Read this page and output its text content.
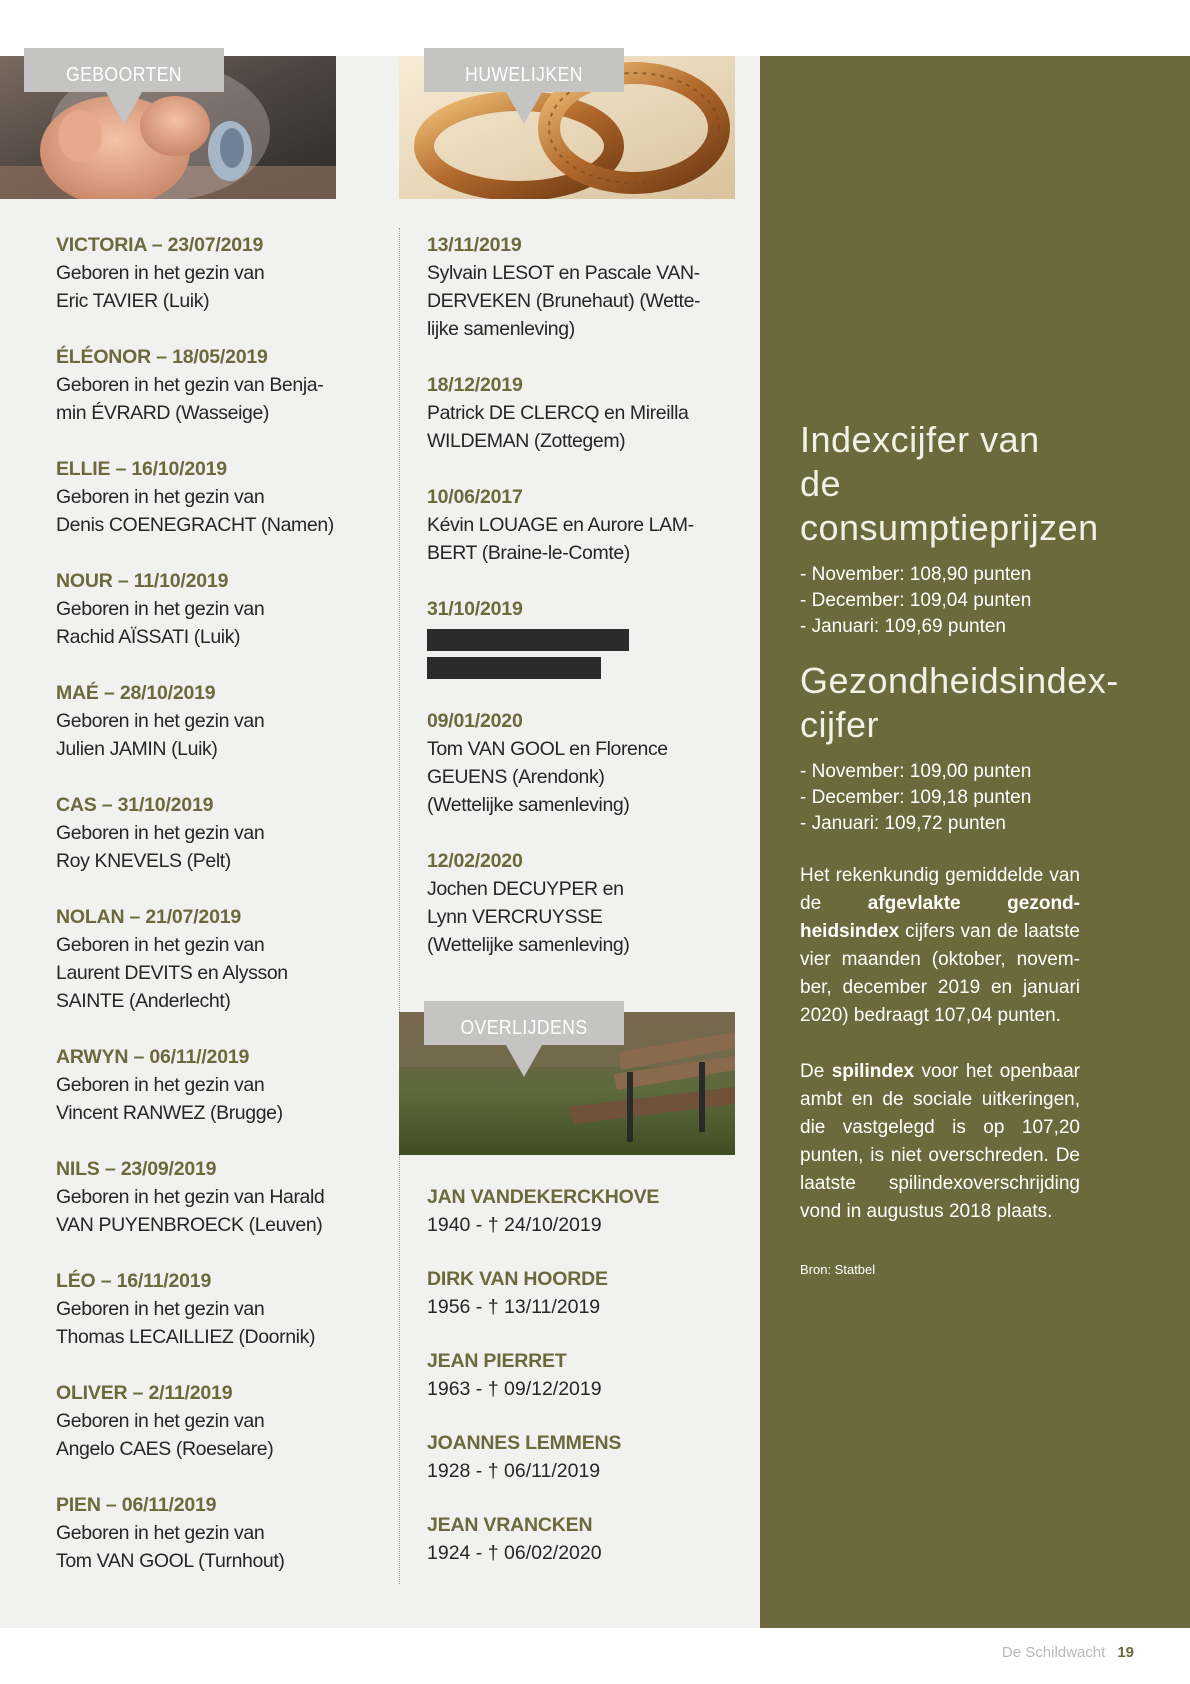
GEBOORTEN	HUWELIJKEN
OVERLIJDENS
VICTORIA – 23/07/2019
Geboren in het gezin van
Eric TAVIER (Luik)
ÉLÉONOR – 18/05/2019
Geboren in het gezin van Benja-
min ÉVRARD (Wasseige)
ELLIE – 16/10/2019
Geboren in het gezin van
Denis COENEGRACHT (Namen)
NOUR – 11/10/2019
Geboren in het gezin van
Rachid AÏSSATI (Luik)
MAÉ – 28/10/2019
Geboren in het gezin van
Julien JAMIN (Luik)
CAS – 31/10/2019
Geboren in het gezin van
Roy KNEVELS (Pelt)
NOLAN – 21/07/2019
Geboren in het gezin van
Laurent DEVITS en Alysson
SAINTE (Anderlecht)
ARWYN – 06/11//2019
Geboren in het gezin van
Vincent RANWEZ (Brugge)
NILS – 23/09/2019
Geboren in het gezin van Harald
VAN PUYENBROECK (Leuven)
LÉO – 16/11/2019
Geboren in het gezin van
Thomas LECAILLIEZ (Doornik)
OLIVER – 2/11/2019
Geboren in het gezin van
Angelo CAES (Roeselare)
PIEN – 06/11/2019
Geboren in het gezin van
Tom VAN GOOL (Turnhout)
13/11/2019
Sylvain LESOT en Pascale VAN-
DERVEKEN (Brunehaut) (Wette-
lijke samenleving)
18/12/2019
Patrick DE CLERCQ en Mireilla
WILDEMAN (Zottegem)
10/06/2017
Kévin LOUAGE en Aurore LAM-
BERT (Braine-le-Comte)
31/10/2019
09/01/2020
Tom VAN GOOL en Florence
GEUENS (Arendonk)
(Wettelijke samenleving)
12/02/2020
Jochen DECUYPER en
Lynn VERCRUYSSE
(Wettelijke samenleving)
JAN VANDEKERCKHOVE
1940 - † 24/10/2019
DIRK VAN HOORDE
1956 - † 13/11/2019
JEAN PIERRET
1963 - † 09/12/2019
JOANNES LEMMENS
1928 - † 06/11/2019
JEAN VRANCKEN
1924 - † 06/02/2020
Indexcijfer van de
consumptieprijzen
- November: 108,90 punten
- December: 109,04 punten
- Januari: 109,69 punten
Gezondheidsindex-
cijfer
- November: 109,00 punten
- December: 109,18 punten
- Januari: 109,72 punten

Het rekenkundig gemiddelde van de afgevlakte gezondheidsindex cijfers van de laatste vier maanden (oktober, november, december 2019 en januari 2020) bedraagt 107,04 punten.

De spilindex voor het openbaar ambt en de sociale uitkeringen, die vastgelegd is op 107,20 punten, is niet overschreden. De laatste spilindexoverschrijding vond in augustus 2018 plaats.

Bron: Statbel
De Schildwacht 19
